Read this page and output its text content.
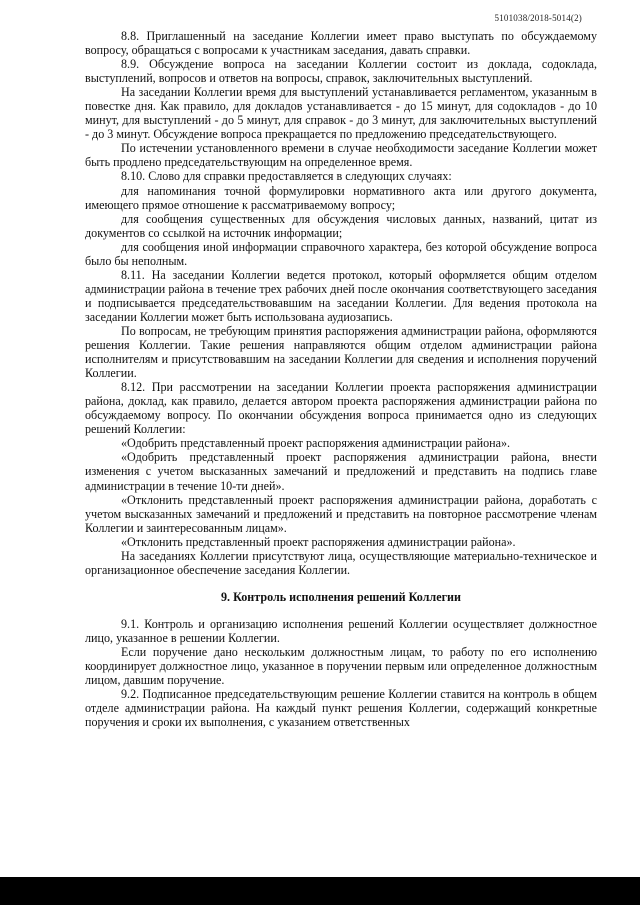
5101038/2018-5014(2)

8.8. Приглашенный на заседание Коллегии имеет право выступать по обсуждаемому вопросу, обращаться с вопросами к участникам заседания, давать справки.

8.9. Обсуждение вопроса на заседании Коллегии состоит из доклада, содоклада, выступлений, вопросов и ответов на вопросы, справок, заключительных выступлений.

На заседании Коллегии время для выступлений устанавливается регламентом, указанным в повестке дня. Как правило, для докладов устанавливается - до 15 минут, для содокладов - до 10 минут, для выступлений - до 5 минут, для справок - до 3 минут, для заключительных выступлений - до 3 минут. Обсуждение вопроса прекращается по предложению председательствующего.

По истечении установленного времени в случае необходимости заседание Коллегии может быть продлено председательствующим на определенное время.

8.10. Слово для справки предоставляется в следующих случаях:

для напоминания точной формулировки нормативного акта или другого документа, имеющего прямое отношение к рассматриваемому вопросу;

для сообщения существенных для обсуждения числовых данных, названий, цитат из документов со ссылкой на источник информации;

для сообщения иной информации справочного характера, без которой обсуждение вопроса было бы неполным.

8.11. На заседании Коллегии ведется протокол, который оформляется общим отделом администрации района в течение трех рабочих дней после окончания соответствующего заседания и подписывается председательствовавшим на заседании Коллегии. Для ведения протокола на заседании Коллегии может быть использована аудиозапись.

По вопросам, не требующим принятия распоряжения администрации района, оформляются решения Коллегии. Такие решения направляются общим отделом администрации района исполнителям и присутствовавшим на заседании Коллегии для сведения и исполнения поручений Коллегии.

8.12. При рассмотрении на заседании Коллегии проекта распоряжения администрации района, доклад, как правило, делается автором проекта распоряжения администрации района по обсуждаемому вопросу. По окончании обсуждения вопроса принимается одно из следующих решений Коллегии:

«Одобрить представленный проект распоряжения администрации района».

«Одобрить представленный проект распоряжения администрации района, внести изменения с учетом высказанных замечаний и предложений и представить на подпись главе администрации в течение 10-ти дней».

«Отклонить представленный проект распоряжения администрации района, доработать с учетом высказанных замечаний и предложений и представить на повторное рассмотрение членам Коллегии и заинтересованным лицам».

«Отклонить представленный проект распоряжения администрации района».

На заседаниях Коллегии присутствуют лица, осуществляющие материально-техническое и организационное обеспечение заседания Коллегии.

9. Контроль исполнения решений Коллегии

9.1. Контроль и организацию исполнения решений Коллегии осуществляет должностное лицо, указанное в решении Коллегии.

Если поручение дано нескольким должностным лицам, то работу по его исполнению координирует должностное лицо, указанное в поручении первым или определенное должностным лицом, давшим поручение.

9.2. Подписанное председательствующим решение Коллегии ставится на контроль в общем отделе администрации района. На каждый пункт решения Коллегии, содержащий конкретные поручения и сроки их выполнения, с указанием ответственных
